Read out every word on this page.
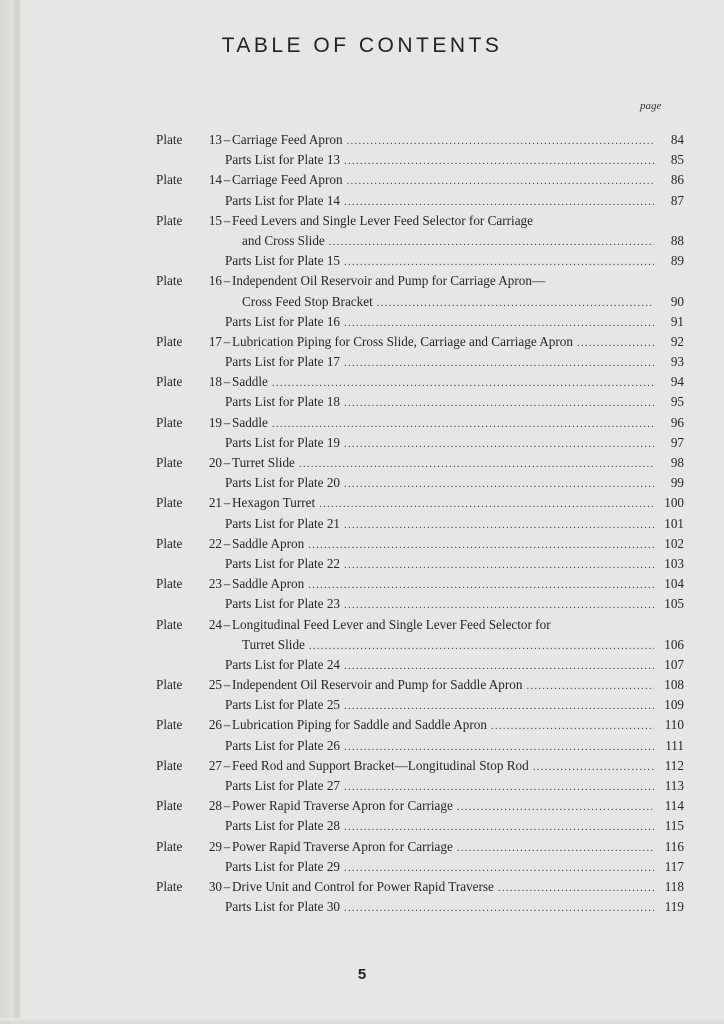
TABLE OF CONTENTS
page
Plate	13 – Carriage Feed Apron .....	84
Parts List for Plate 13 .....	85
Plate	14 – Carriage Feed Apron .....	86
Parts List for Plate 14 .....	87
Plate	15 – Feed Levers and Single Lever Feed Selector for Carriage
and Cross Slide .....	88
Parts List for Plate 15 .....	89
Plate	16 – Independent Oil Reservoir and Pump for Carriage Apron—
Cross Feed Stop Bracket .....	90
Parts List for Plate 16 .....	91
Plate	17 – Lubrication Piping for Cross Slide, Carriage and Carriage Apron .....	92
Parts List for Plate 17 .....	93
Plate	18 – Saddle .....	94
Parts List for Plate 18 .....	95
Plate	19 – Saddle .....	96
Parts List for Plate 19 .....	97
Plate	20 – Turret Slide .....	98
Parts List for Plate 20 .....	99
Plate	21 – Hexagon Turret .....	100
Parts List for Plate 21 .....	101
Plate	22 – Saddle Apron .....	102
Parts List for Plate 22 .....	103
Plate	23 – Saddle Apron .....	104
Parts List for Plate 23 .....	105
Plate	24 – Longitudinal Feed Lever and Single Lever Feed Selector for
Turret Slide .....	106
Parts List for Plate 24 .....	107
Plate	25 – Independent Oil Reservoir and Pump for Saddle Apron .....	108
Parts List for Plate 25 .....	109
Plate	26 – Lubrication Piping for Saddle and Saddle Apron .....	110
Parts List for Plate 26 .....	111
Plate	27 – Feed Rod and Support Bracket—Longitudinal Stop Rod .....	112
Parts List for Plate 27 .....	113
Plate	28 – Power Rapid Traverse Apron for Carriage .....	114
Parts List for Plate 28 .....	115
Plate	29 – Power Rapid Traverse Apron for Carriage .....	116
Parts List for Plate 29 .....	117
Plate	30 – Drive Unit and Control for Power Rapid Traverse .....	118
Parts List for Plate 30 .....	119
5
